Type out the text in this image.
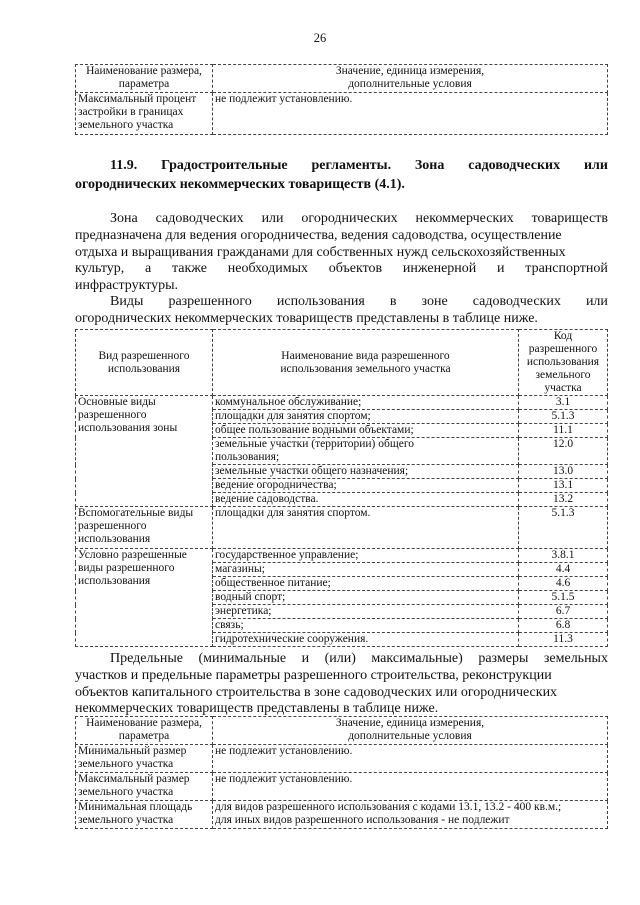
26
Наименование размера, параметра	Значение, единица измерения, дополнительные условия
Максимальный процент застройки в границах земельного участка	не подлежит установлению.
11.9. Градостроительные регламенты. Зона садоводческих или
огороднических некоммерческих товариществ (4.1).
Зона садоводческих или огороднических некоммерческих товариществ
предназначена для ведения огородничества, ведения садоводства, осуществление
отдыха и выращивания гражданами для собственных нужд сельскохозяйственных
культур, а также необходимых объектов инженерной и транспортной
инфраструктуры.
Виды разрешенного использования в зоне садоводческих или
огороднических некоммерческих товариществ представлены в таблице ниже.
Вид разрешенного использования	Наименование вида разрешенного использования земельного участка	Код разрешенного использования земельного участка
Основные виды разрешенного использования зоны	коммунальное обслуживание;	3.1
	площадки для занятия спортом;	5.1.3
	общее пользование водными объектами;	11.1
	земельные участки (территории) общего пользования;	12.0
	земельные участки общего назначения;	13.0
	ведение огородничества;	13.1
	ведение садоводства.	13.2
Вспомогательные виды разрешенного использования	площадки для занятия спортом.	5.1.3
Условно разрешенные виды разрешенного использования	государственное управление;	3.8.1
	магазины;	4.4
	общественное питание;	4.6
	водный спорт;	5.1.5
	энергетика;	6.7
	связь;	6.8
	гидротехнические сооружения.	11.3
Предельные (минимальные и (или) максимальные) размеры земельных
участков и предельные параметры разрешенного строительства, реконструкции
объектов капитального строительства в зоне садоводческих или огороднических
некоммерческих товариществ представлены в таблице ниже.
Наименование размера, параметра	Значение, единица измерения, дополнительные условия
Минимальный размер земельного участка	не подлежит установлению.
Максимальный размер земельного участка	не подлежит установлению.
Минимальная площадь земельного участка	для видов разрешенного использования с кодами 13.1, 13.2 - 400 кв.м.;
для иных видов разрешенного использования - не подлежит
